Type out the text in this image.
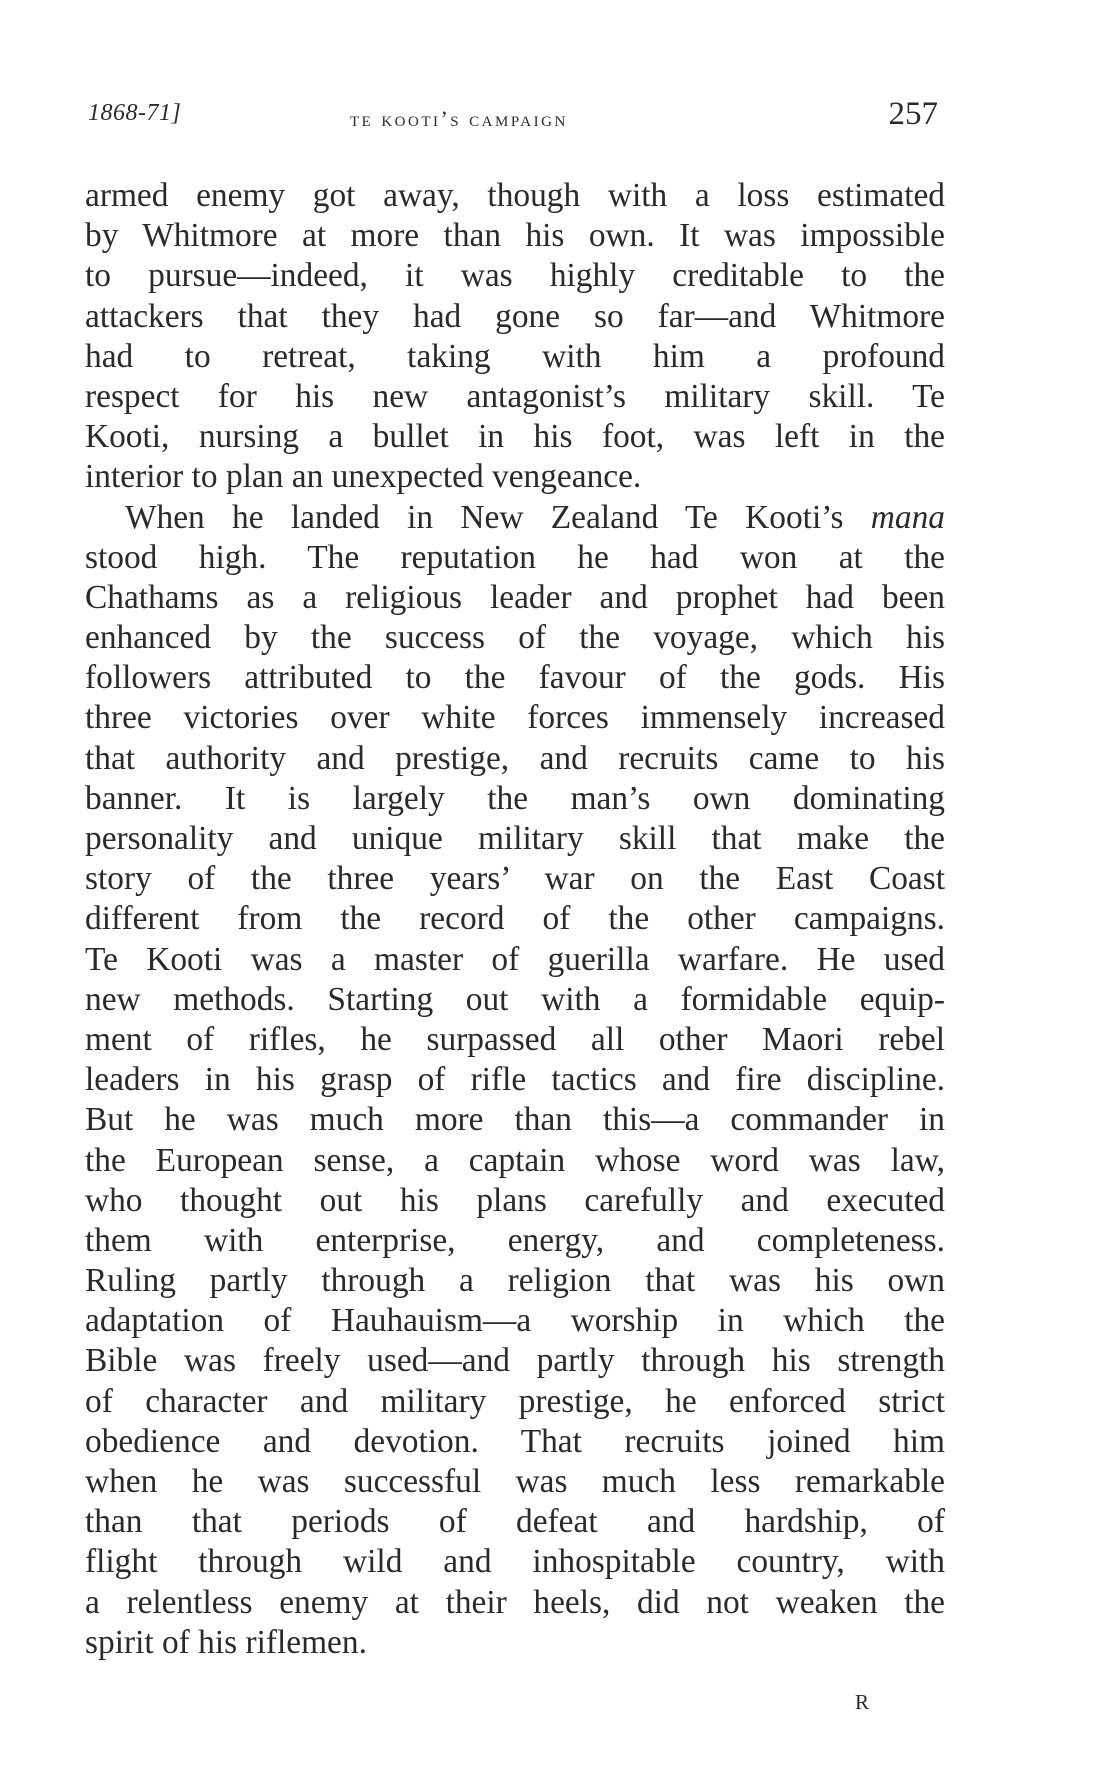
1868-71]	te kooti’s campaign	257
armed enemy got away, though with a loss estimated
by Whitmore at more than his own. It was impossible
to pursue—indeed, it was highly creditable to the
attackers that they had gone so far—and Whitmore
had to retreat, taking with him a profound
respect for his new antagonist’s military skill. Te
Kooti, nursing a bullet in his foot, was left in the
interior to plan an unexpected vengeance.
When he landed in New Zealand Te Kooti’s mana
stood high. The reputation he had won at the
Chathams as a religious leader and prophet had been
enhanced by the success of the voyage, which his
followers attributed to the favour of the gods. His
three victories over white forces immensely increased
that authority and prestige, and recruits came to his
banner. It is largely the man’s own dominating
personality and unique military skill that make the
story of the three years’ war on the East Coast
different from the record of the other campaigns.
Te Kooti was a master of guerilla warfare. He used
new methods. Starting out with a formidable equip-
ment of rifles, he surpassed all other Maori rebel
leaders in his grasp of rifle tactics and fire discipline.
But he was much more than this—a commander in
the European sense, a captain whose word was law,
who thought out his plans carefully and executed
them with enterprise, energy, and completeness.
Ruling partly through a religion that was his own
adaptation of Hauhauism—a worship in which the
Bible was freely used—and partly through his strength
of character and military prestige, he enforced strict
obedience and devotion. That recruits joined him
when he was successful was much less remarkable
than that periods of defeat and hardship, of
flight through wild and inhospitable country, with
a relentless enemy at their heels, did not weaken the
spirit of his riflemen.
R
